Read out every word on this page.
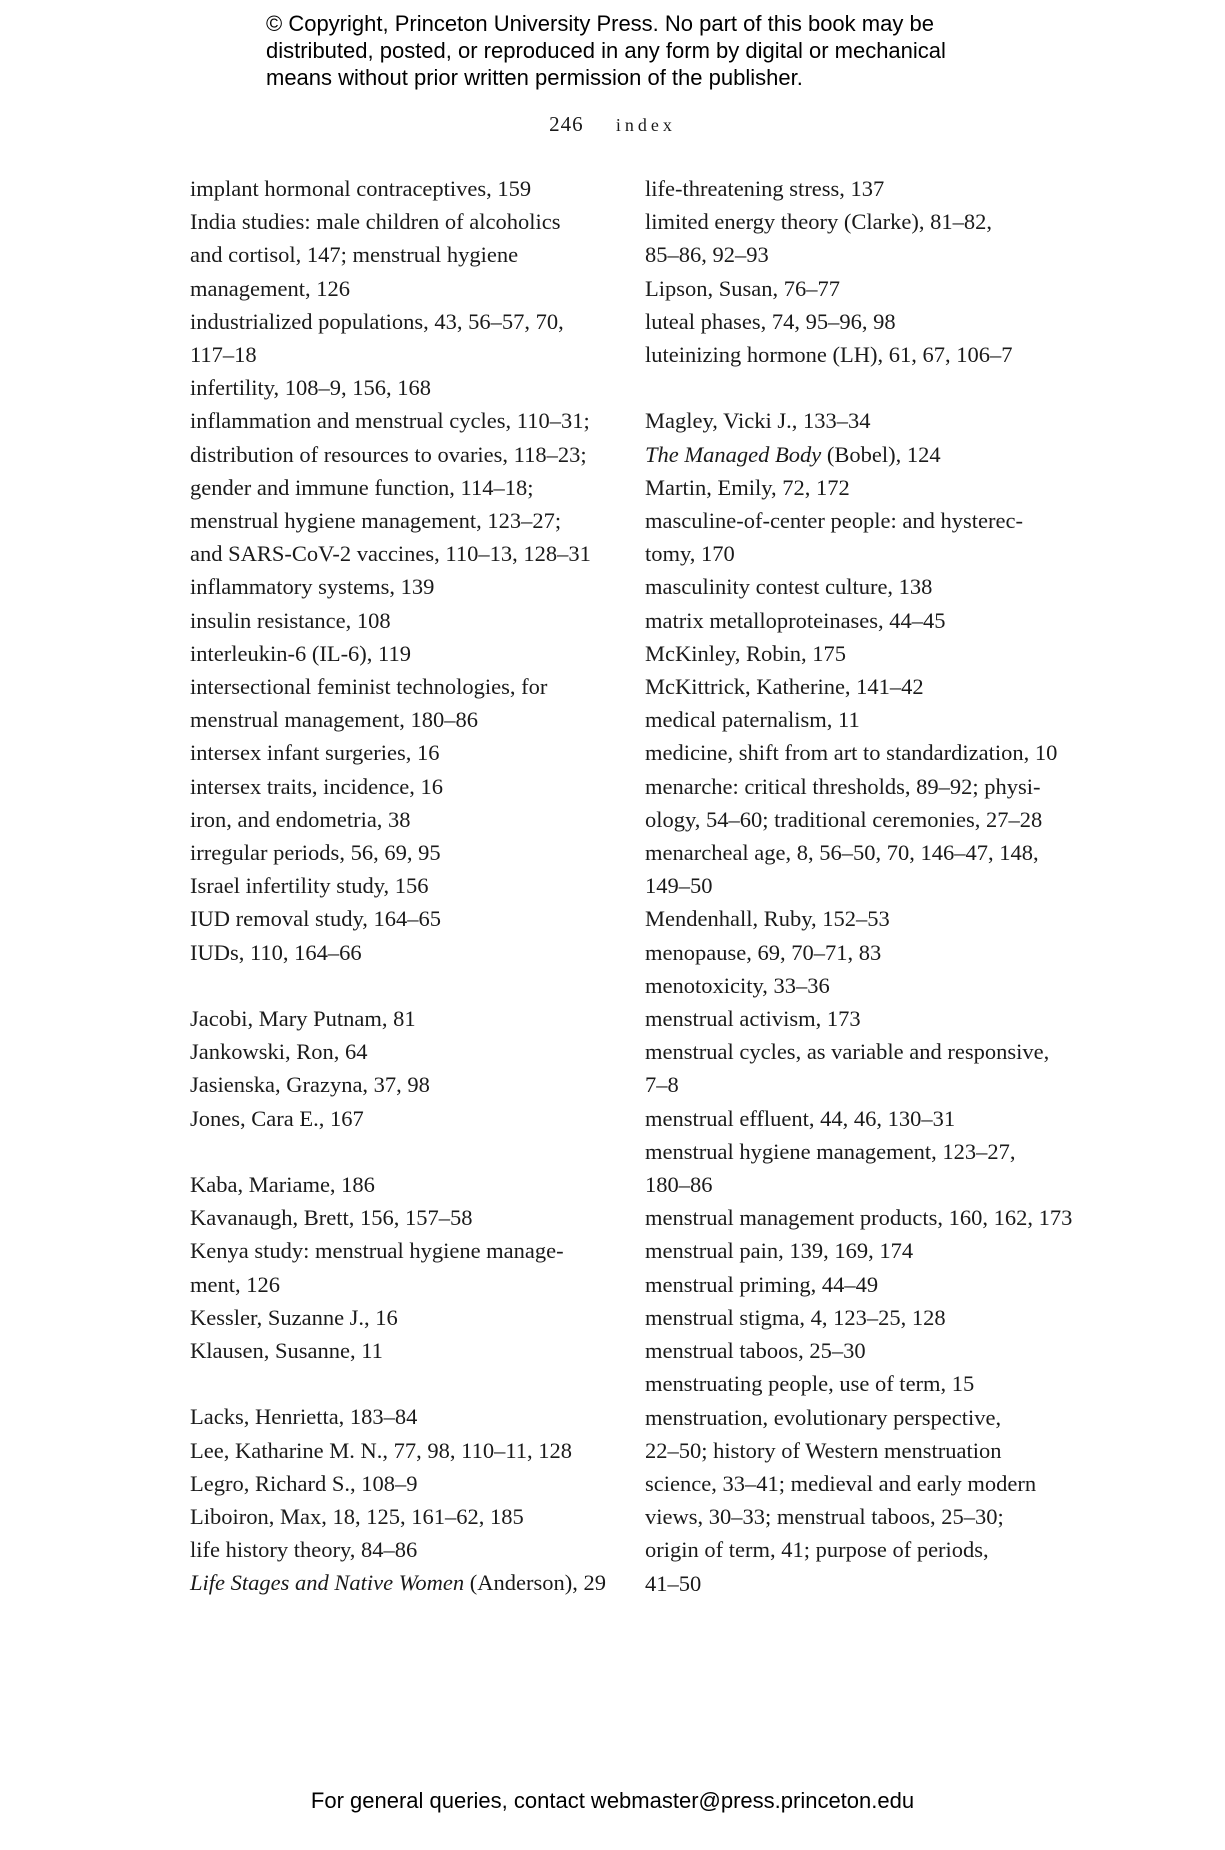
© Copyright, Princeton University Press. No part of this book may be
distributed, posted, or reproduced in any form by digital or mechanical
means without prior written permission of the publisher.
246 index
implant hormonal contraceptives, 159
India studies: male children of alcoholics
and cortisol, 147; menstrual hygiene
management, 126
industrialized populations, 43, 56–57, 70,
117–18
infertility, 108–9, 156, 168
inflammation and menstrual cycles, 110–31;
distribution of resources to ovaries, 118–23;
gender and immune function, 114–18;
menstrual hygiene management, 123–27;
and SARS-CoV-2 vaccines, 110–13, 128–31
inflammatory systems, 139
insulin resistance, 108
interleukin-6 (IL-6), 119
intersectional feminist technologies, for
menstrual management, 180–86
intersex infant surgeries, 16
intersex traits, incidence, 16
iron, and endometria, 38
irregular periods, 56, 69, 95
Israel infertility study, 156
IUD removal study, 164–65
IUDs, 110, 164–66
Jacobi, Mary Putnam, 81
Jankowski, Ron, 64
Jasienska, Grazyna, 37, 98
Jones, Cara E., 167
Kaba, Mariame, 186
Kavanaugh, Brett, 156, 157–58
Kenya study: menstrual hygiene manage-
ment, 126
Kessler, Suzanne J., 16
Klausen, Susanne, 11
Lacks, Henrietta, 183–84
Lee, Katharine M. N., 77, 98, 110–11, 128
Legro, Richard S., 108–9
Liboiron, Max, 18, 125, 161–62, 185
life history theory, 84–86
Life Stages and Native Women (Anderson), 29
life-threatening stress, 137
limited energy theory (Clarke), 81–82,
85–86, 92–93
Lipson, Susan, 76–77
luteal phases, 74, 95–96, 98
luteinizing hormone (LH), 61, 67, 106–7
Magley, Vicki J., 133–34
The Managed Body (Bobel), 124
Martin, Emily, 72, 172
masculine-of-center people: and hysterec-
tomy, 170
masculinity contest culture, 138
matrix metalloproteinases, 44–45
McKinley, Robin, 175
McKittrick, Katherine, 141–42
medical paternalism, 11
medicine, shift from art to standardization, 10
menarche: critical thresholds, 89–92; physi-
ology, 54–60; traditional ceremonies, 27–28
menarcheal age, 8, 56–50, 70, 146–47, 148,
149–50
Mendenhall, Ruby, 152–53
menopause, 69, 70–71, 83
menotoxicity, 33–36
menstrual activism, 173
menstrual cycles, as variable and responsive,
7–8
menstrual effluent, 44, 46, 130–31
menstrual hygiene management, 123–27,
180–86
menstrual management products, 160, 162, 173
menstrual pain, 139, 169, 174
menstrual priming, 44–49
menstrual stigma, 4, 123–25, 128
menstrual taboos, 25–30
menstruating people, use of term, 15
menstruation, evolutionary perspective,
22–50; history of Western menstruation
science, 33–41; medieval and early modern
views, 30–33; menstrual taboos, 25–30;
origin of term, 41; purpose of periods,
41–50
For general queries, contact webmaster@press.princeton.edu
